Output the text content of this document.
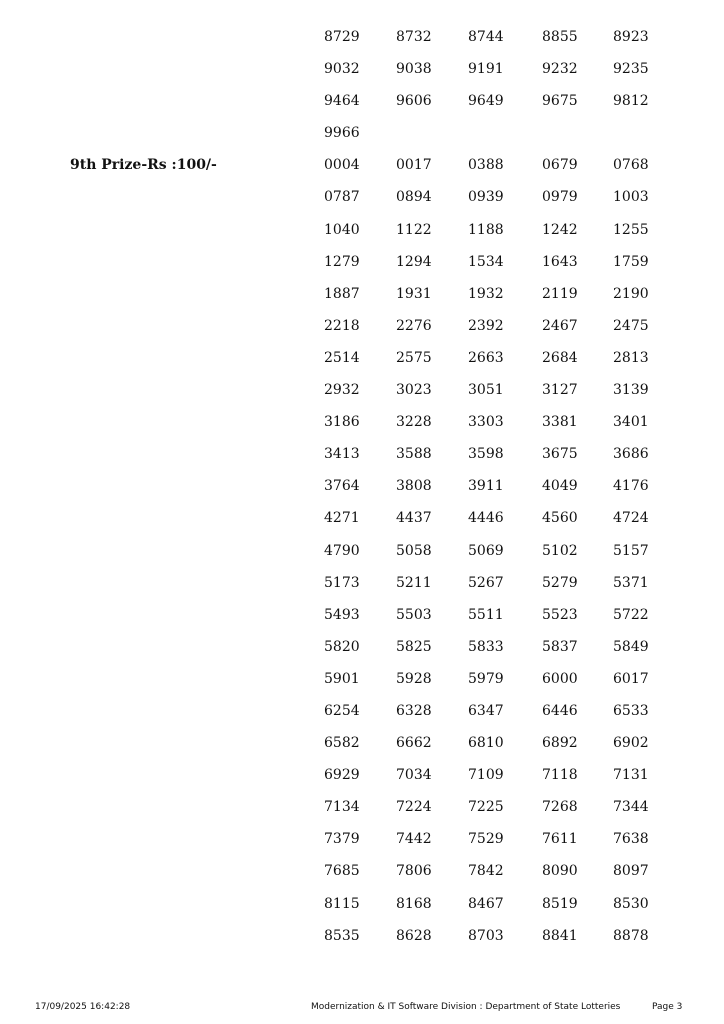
8729	8732	8744	8855	8923
9032	9038	9191	9232	9235
9464	9606	9649	9675	9812
9966
9th Prize-Rs :100/-	0004	0017	0388	0679	0768
0787	0894	0939	0979	1003
1040	1122	1188	1242	1255
1279	1294	1534	1643	1759
1887	1931	1932	2119	2190
2218	2276	2392	2467	2475
2514	2575	2663	2684	2813
2932	3023	3051	3127	3139
3186	3228	3303	3381	3401
3413	3588	3598	3675	3686
3764	3808	3911	4049	4176
4271	4437	4446	4560	4724
4790	5058	5069	5102	5157
5173	5211	5267	5279	5371
5493	5503	5511	5523	5722
5820	5825	5833	5837	5849
5901	5928	5979	6000	6017
6254	6328	6347	6446	6533
6582	6662	6810	6892	6902
6929	7034	7109	7118	7131
7134	7224	7225	7268	7344
7379	7442	7529	7611	7638
7685	7806	7842	8090	8097
8115	8168	8467	8519	8530
8535	8628	8703	8841	8878
17/09/2025 16:42:28	Modernization & IT Software Division : Department of State Lotteries	Page 3
